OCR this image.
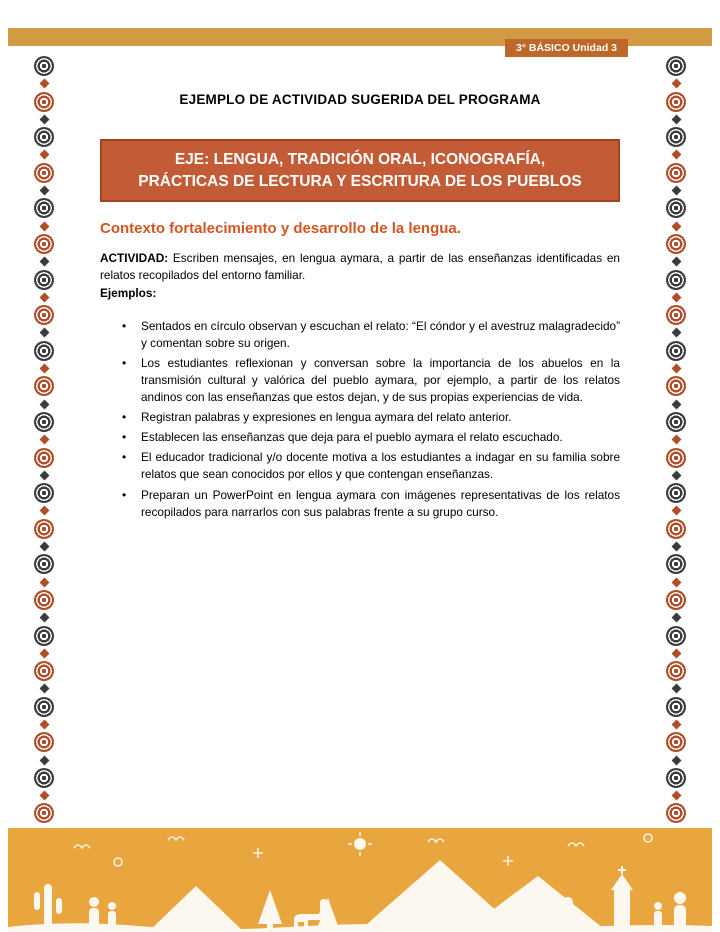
3° BÁSICO Unidad 3
EJEMPLO DE ACTIVIDAD SUGERIDA DEL PROGRAMA
EJE: LENGUA, TRADICIÓN ORAL, ICONOGRAFÍA,
PRÁCTICAS DE LECTURA Y ESCRITURA DE LOS PUEBLOS
Contexto fortalecimiento y desarrollo de la lengua.

ACTIVIDAD: Escriben mensajes, en lengua aymara, a partir de las enseñanzas identificadas en relatos recopilados del entorno familiar.

Ejemplos:

• Sentados en círculo observan y escuchan el relato: “El cóndor y el avestruz malagradecido” y comentan sobre su origen.
• Los estudiantes reflexionan y conversan sobre la importancia de los abuelos en la transmisión cultural y valórica del pueblo aymara, por ejemplo, a partir de los relatos andinos con las enseñanzas que estos dejan, y de sus propias experiencias de vida.
• Registran palabras y expresiones en lengua aymara del relato anterior.
• Establecen las enseñanzas que deja para el pueblo aymara el relato escuchado.
• El educador tradicional y/o docente motiva a los estudiantes a indagar en su familia sobre relatos que sean conocidos por ellos y que contengan enseñanzas.
• Preparan un PowerPoint en lengua aymara con imágenes representativas de los relatos recopilados para narrarlos con sus palabras frente a su grupo curso.
